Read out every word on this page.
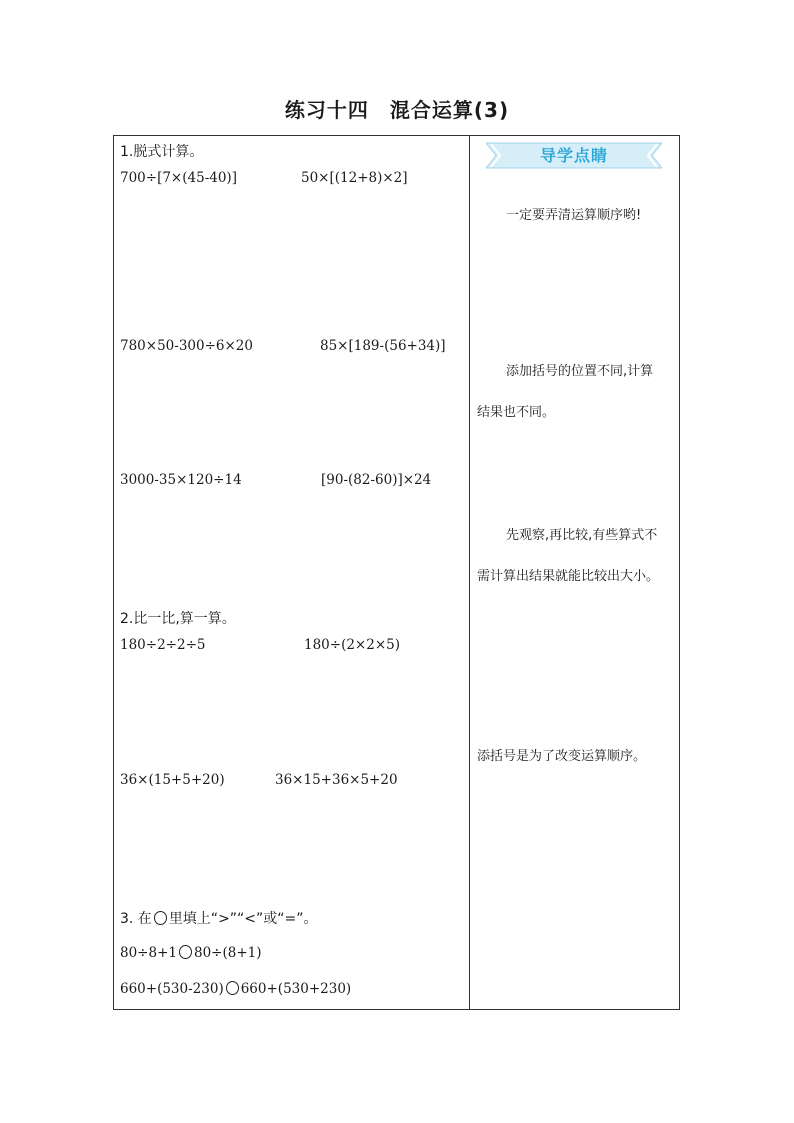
练习十四　混合运算(3)
1.脱式计算。
700÷[7×(45-40)]	50×[(12+8)×2]
780×50-300÷6×20	85×[189-(56+34)]
3000-35×120÷14	[90-(82-60)]×24
2.比一比,算一算。
180÷2÷2÷5	180÷(2×2×5)
36×(15+5+20)	36×15+36×5+20
3. 在 里填上“>”“<”或“=”。
80÷8+1 80÷(8+1)
660+(530-230) 660+(530+230)
导学点睛
一定要弄清运算顺序哟!
添加括号的位置不同,计算
结果也不同。
先观察,再比较,有些算式不
需计算出结果就能比较出大小。
添括号是为了改变运算顺序。
